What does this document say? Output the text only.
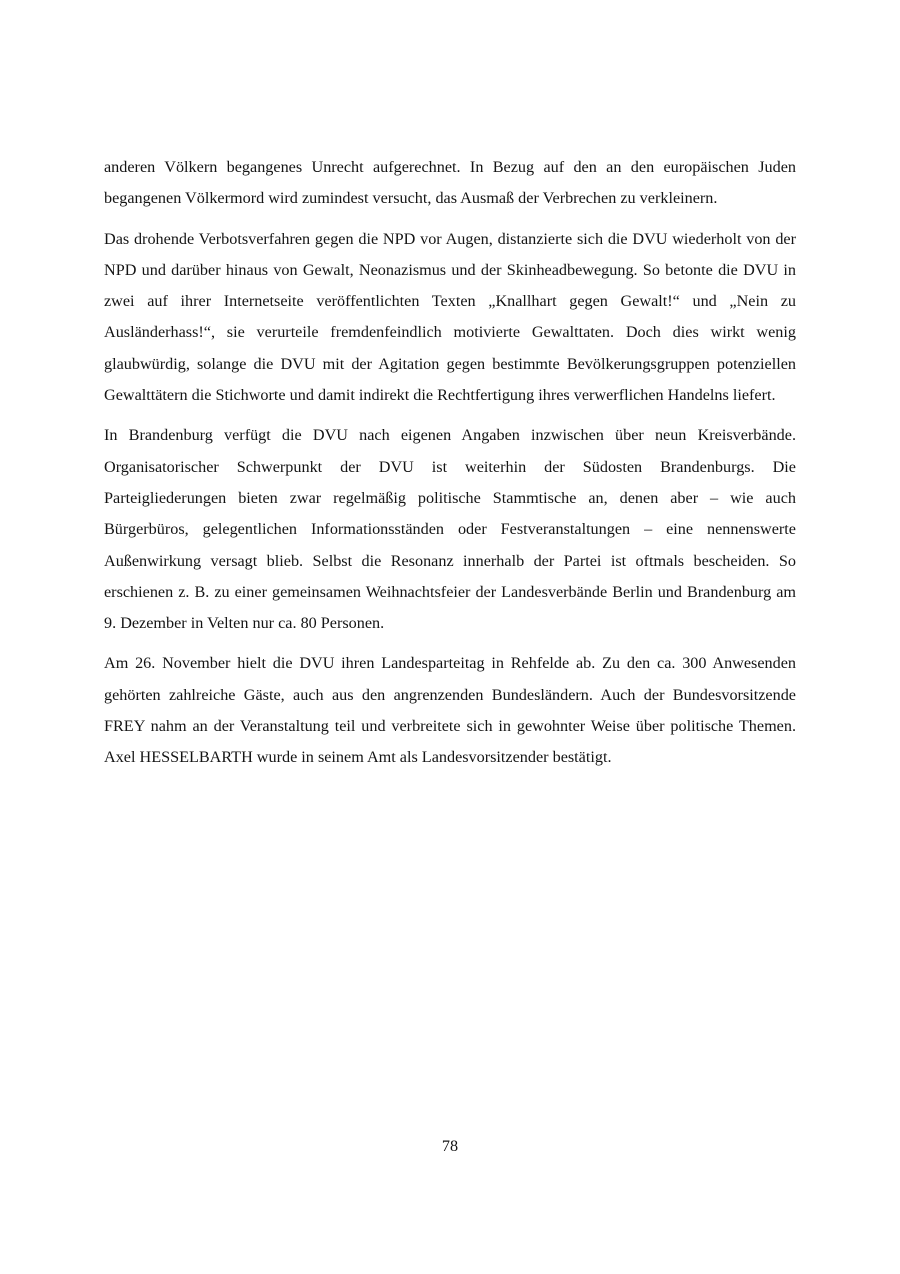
anderen Völkern begangenes Unrecht aufgerechnet. In Bezug auf den an den europäischen Juden begangenen Völkermord wird zumindest versucht, das Ausmaß der Verbrechen zu verkleinern.

Das drohende Verbotsverfahren gegen die NPD vor Augen, distanzierte sich die DVU wiederholt von der NPD und darüber hinaus von Gewalt, Neonazismus und der Skinheadbewegung. So betonte die DVU in zwei auf ihrer Internetseite veröffentlichten Texten „Knallhart gegen Gewalt!“ und „Nein zu Ausländerhass!“, sie verurteile fremdenfeindlich motivierte Gewalttaten. Doch dies wirkt wenig glaubwürdig, solange die DVU mit der Agitation gegen bestimmte Bevölkerungsgruppen potenziellen Gewalttätern die Stichworte und damit indirekt die Rechtfertigung ihres verwerflichen Handelns liefert.

In Brandenburg verfügt die DVU nach eigenen Angaben inzwischen über neun Kreisverbände. Organisatorischer Schwerpunkt der DVU ist weiterhin der Südosten Brandenburgs. Die Parteigliederungen bieten zwar regelmäßig politische Stammtische an, denen aber – wie auch Bürgerbüros, gelegentlichen Informationsständen oder Festveranstaltungen – eine nennenswerte Außenwirkung versagt blieb. Selbst die Resonanz innerhalb der Partei ist oftmals bescheiden. So erschienen z. B. zu einer gemeinsamen Weihnachtsfeier der Landesverbände Berlin und Brandenburg am 9. Dezember in Velten nur ca. 80 Personen.

Am 26. November hielt die DVU ihren Landesparteitag in Rehfelde ab. Zu den ca. 300 Anwesenden gehörten zahlreiche Gäste, auch aus den angrenzenden Bundesländern. Auch der Bundesvorsitzende FREY nahm an der Veranstaltung teil und verbreitete sich in gewohnter Weise über politische Themen. Axel HESSELBARTH wurde in seinem Amt als Landesvorsitzender bestätigt.

78
